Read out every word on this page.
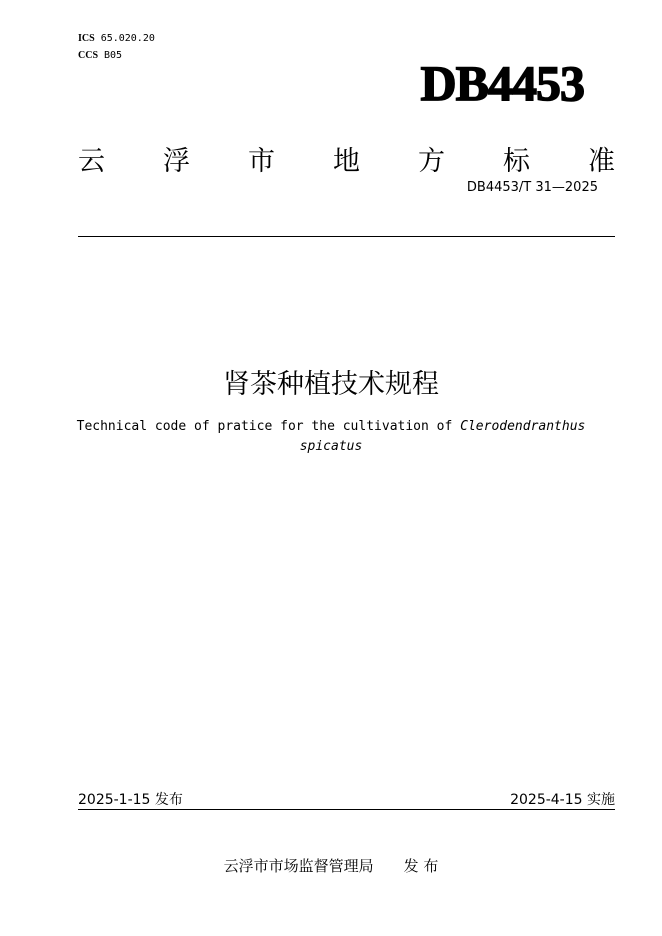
ICS 65.020.20
CCS B05	DB4453
云 浮 市 地 方 标 准
DB4453/T 31—2025
肾茶种植技术规程
Technical code of pratice for the cultivation of Clerodendranthus
spicatus
2025-1-15 发布	2025-4-15 实施
云浮市市场监督管理局 发 布
